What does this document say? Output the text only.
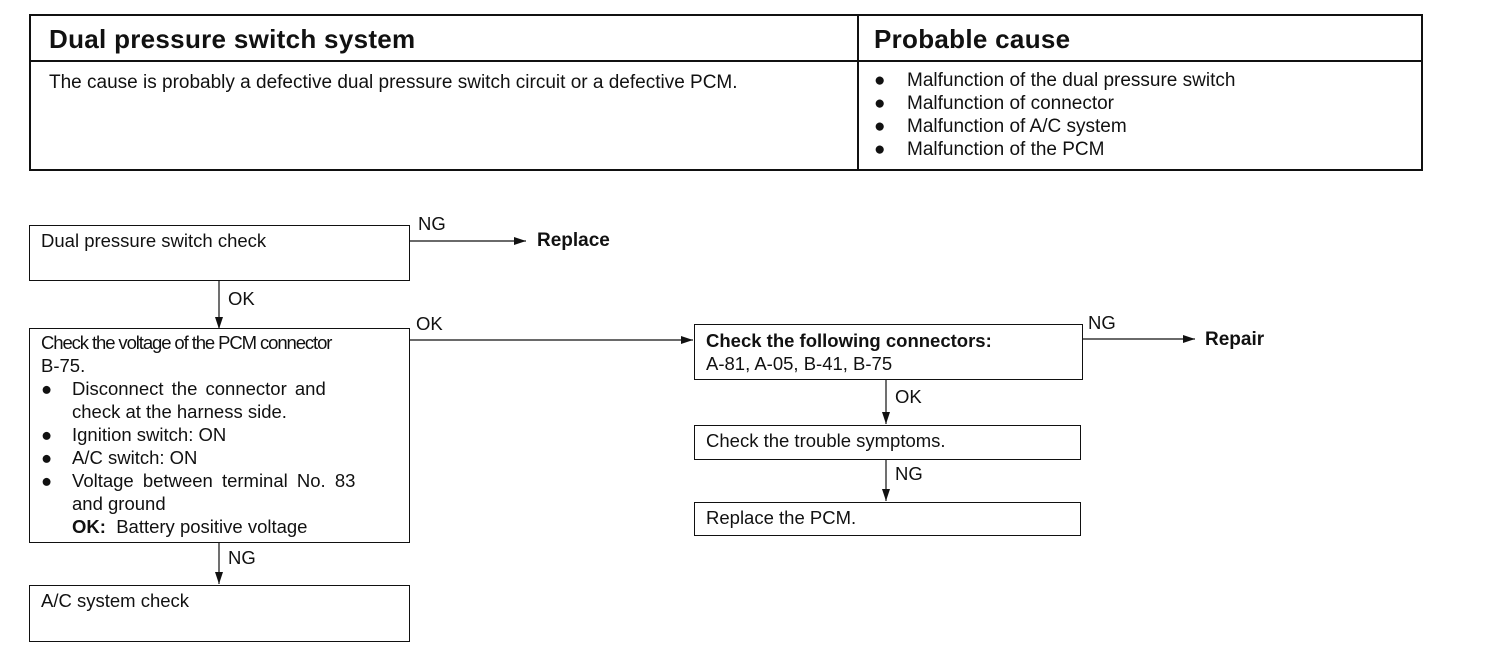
Dual pressure switch system	Probable cause
The cause is probably a defective dual pressure switch circuit or a defective PCM.	● Malfunction of the dual pressure switch
● Malfunction of connector
● Malfunction of A/C system
● Malfunction of the PCM
Dual pressure switch check
NG
Replace
OK
Check the voltage of the PCM connector
B-75.
● Disconnect the connector and
check at the harness side.
● Ignition switch: ON
● A/C switch: ON
● Voltage between terminal No. 83
and ground
OK: Battery positive voltage
OK
NG
A/C system check
Check the following connectors:
A-81, A-05, B-41, B-75
NG
Repair
OK
Check the trouble symptoms.
NG
Replace the PCM.
